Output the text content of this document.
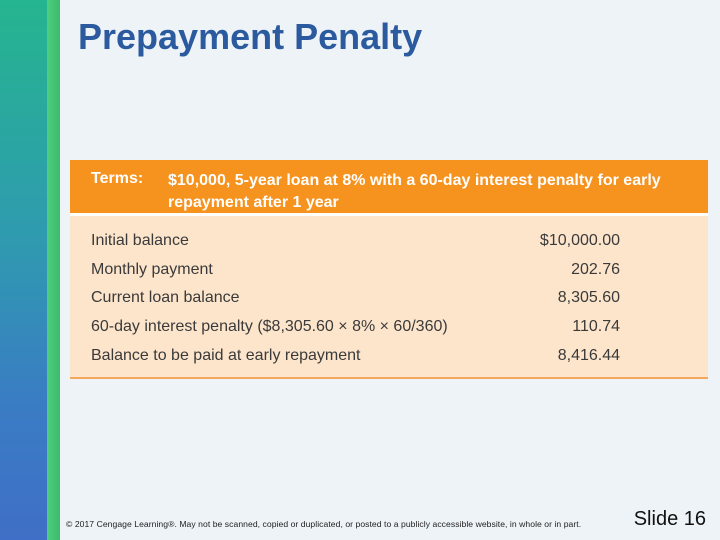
Prepayment Penalty
Terms: $10,000, 5-year loan at 8% with a 60-day interest penalty for early repayment after 1 year
Initial balance	$10,000.00
Monthly payment	202.76
Current loan balance	8,305.60
60-day interest penalty ($8,305.60 × 8% × 60/360)	110.74
Balance to be paid at early repayment	8,416.44
© 2017 Cengage Learning®. May not be scanned, copied or duplicated, or posted to a publicly accessible website, in whole or in part.	Slide 16
